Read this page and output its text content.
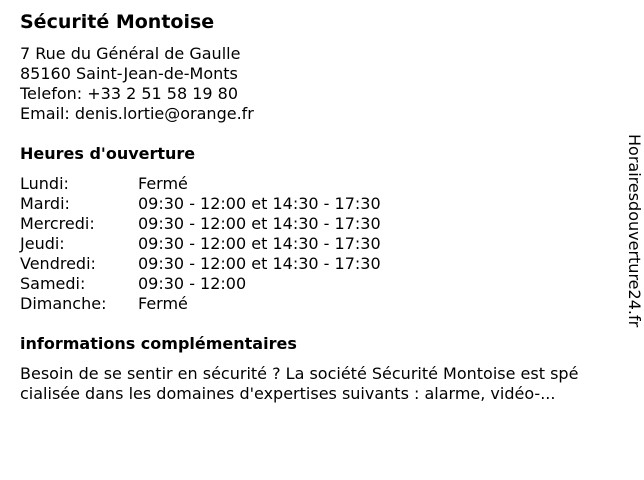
Sécurité Montoise
7 Rue du Général de Gaulle
85160 Saint-Jean-de-Monts
Telefon: +33 2 51 58 19 80
Email: denis.lortie@orange.fr
Heures d'ouverture
Lundi:	Fermé
Mardi:	09:30 - 12:00 et 14:30 - 17:30
Mercredi:	09:30 - 12:00 et 14:30 - 17:30
Jeudi:	09:30 - 12:00 et 14:30 - 17:30
Vendredi:	09:30 - 12:00 et 14:30 - 17:30
Samedi:	09:30 - 12:00
Dimanche:	Fermé
informations complémentaires
Besoin de se sentir en sécurité ? La société Sécurité Montoise est spé
cialisée dans les domaines d'expertises suivants : alarme, vidéo-...
Horairesdouverture24.fr
